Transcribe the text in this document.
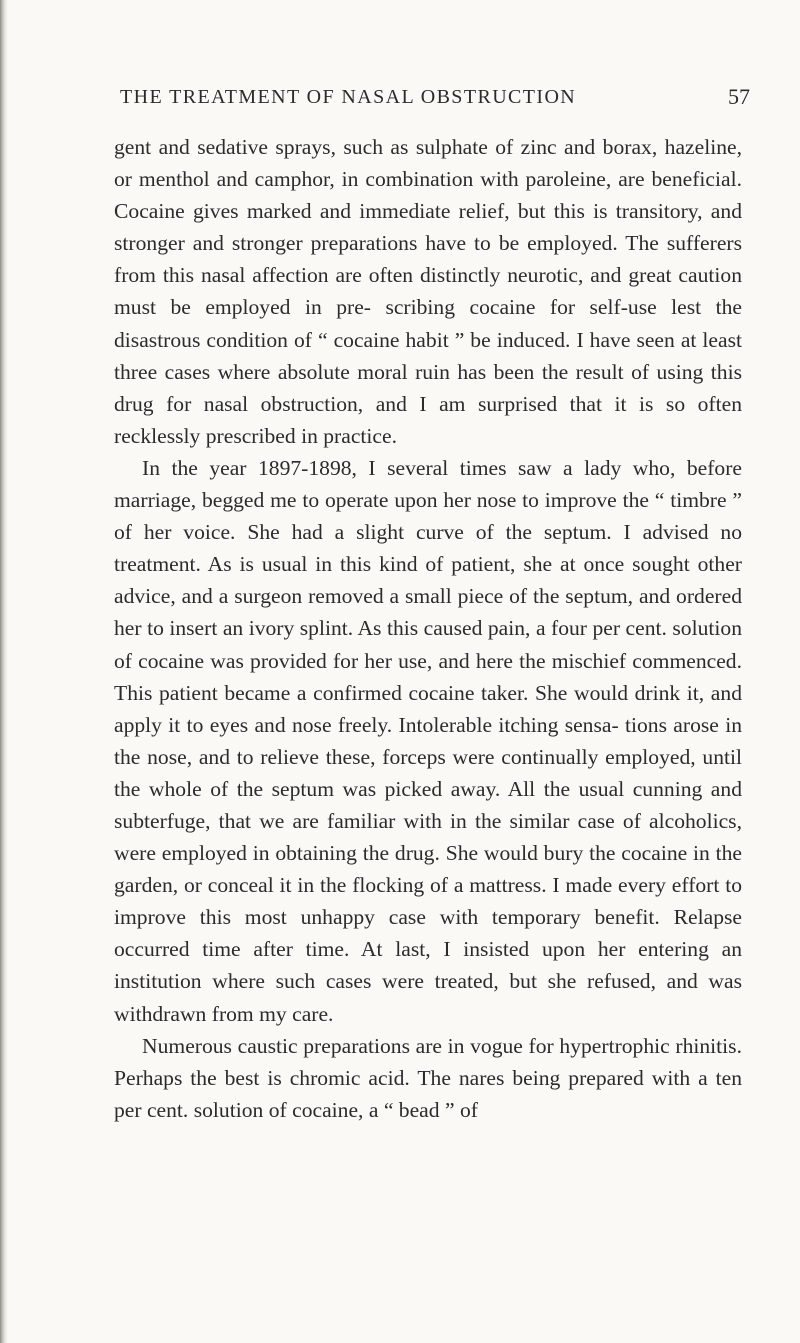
THE TREATMENT OF NASAL OBSTRUCTION	57

gent and sedative sprays, such as sulphate of zinc and borax, hazeline, or menthol and camphor, in combination with paroleine, are beneficial. Cocaine gives marked and immediate relief, but this is transitory, and stronger and stronger preparations have to be employed. The sufferers from this nasal affection are often distinctly neurotic, and great caution must be employed in pre- scribing cocaine for self-use lest the disastrous condition of “ cocaine habit ” be induced. I have seen at least three cases where absolute moral ruin has been the result of using this drug for nasal obstruction, and I am surprised that it is so often recklessly prescribed in practice.

In the year 1897-1898, I several times saw a lady who, before marriage, begged me to operate upon her nose to improve the “ timbre ” of her voice. She had a slight curve of the septum. I advised no treatment. As is usual in this kind of patient, she at once sought other advice, and a surgeon removed a small piece of the septum, and ordered her to insert an ivory splint. As this caused pain, a four per cent. solution of cocaine was provided for her use, and here the mischief commenced. This patient became a confirmed cocaine taker. She would drink it, and apply it to eyes and nose freely. Intolerable itching sensa- tions arose in the nose, and to relieve these, forceps were continually employed, until the whole of the septum was picked away. All the usual cunning and subterfuge, that we are familiar with in the similar case of alcoholics, were employed in obtaining the drug. She would bury the cocaine in the garden, or conceal it in the flocking of a mattress. I made every effort to improve this most unhappy case with temporary benefit. Relapse occurred time after time. At last, I insisted upon her entering an institution where such cases were treated, but she refused, and was withdrawn from my care.

Numerous caustic preparations are in vogue for hypertrophic rhinitis. Perhaps the best is chromic acid. The nares being prepared with a ten per cent. solution of cocaine, a “ bead ” of
